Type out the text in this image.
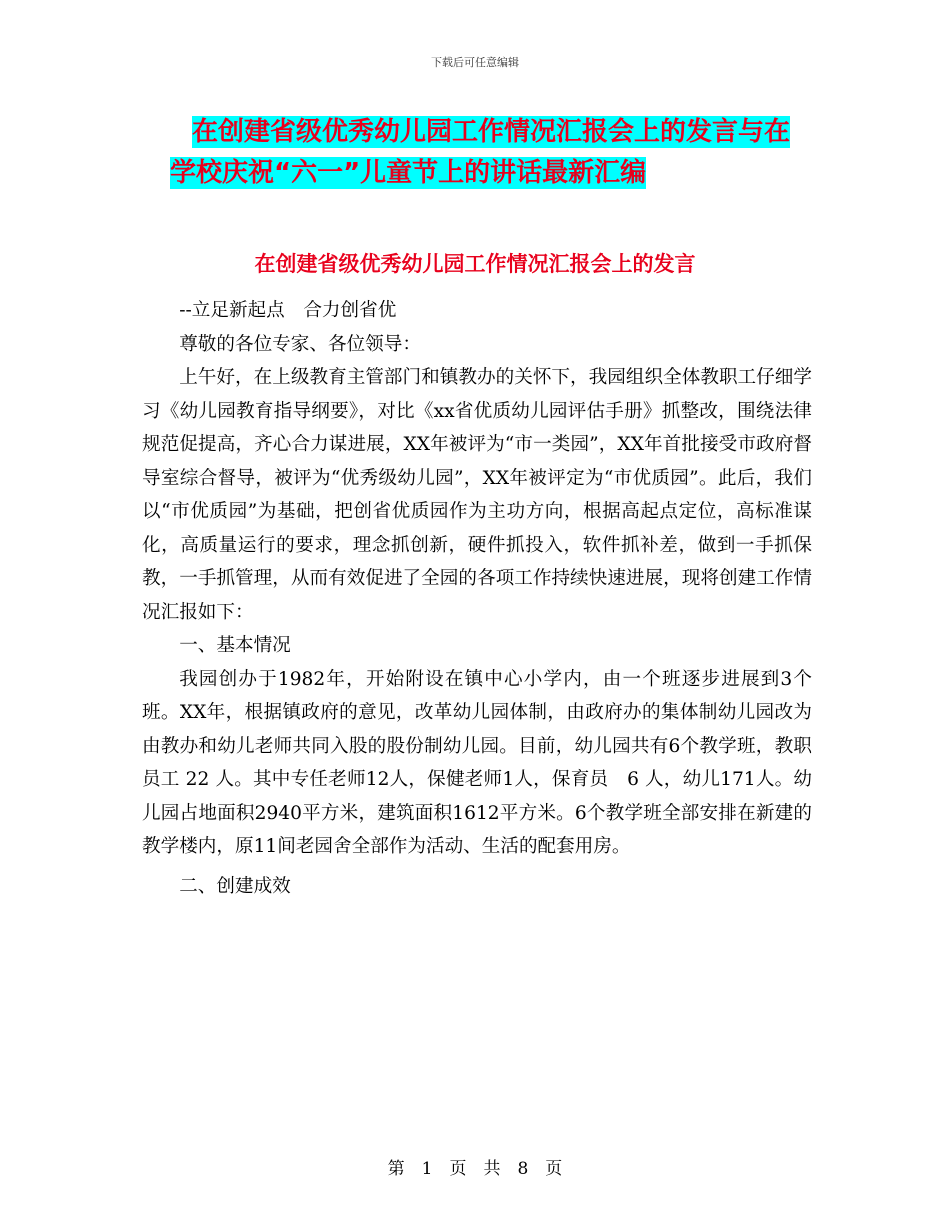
下载后可任意编辑
在创建省级优秀幼儿园工作情况汇报会上的发言与在
学校庆祝“六一”儿童节上的讲话最新汇编
在创建省级优秀幼儿园工作情况汇报会上的发言

--立足新起点　合力创省优

尊敬的各位专家、各位领导：

上午好，在上级教育主管部门和镇教办的关怀下，我园组织全体教职工仔细学习《幼儿园教育指导纲要》，对比《xx省优质幼儿园评估手册》抓整改，围绕法律规范促提高，齐心合力谋进展，XX年被评为“市一类园”，XX年首批接受市政府督导室综合督导，被评为“优秀级幼儿园”，XX年被评定为“市优质园”。此后，我们以“市优质园”为基础，把创省优质园作为主功方向，根据高起点定位，高标准谋化，高质量运行的要求，理念抓创新，硬件抓投入，软件抓补差，做到一手抓保教，一手抓管理，从而有效促进了全园的各项工作持续快速进展，现将创建工作情况汇报如下：

一、基本情况

我园创办于1982年，开始附设在镇中心小学内，由一个班逐步进展到3个班。XX年，根据镇政府的意见，改革幼儿园体制，由政府办的集体制幼儿园改为由教办和幼儿老师共同入股的股份制幼儿园。目前，幼儿园共有6个教学班，教职员工 22 人。其中专任老师12人，保健老师1人，保育员　6 人，幼儿171人。幼儿园占地面积2940平方米，建筑面积1612平方米。6个教学班全部安排在新建的教学楼内，原11间老园舍全部作为活动、生活的配套用房。

二、创建成效

第　1　页　共　8　页
